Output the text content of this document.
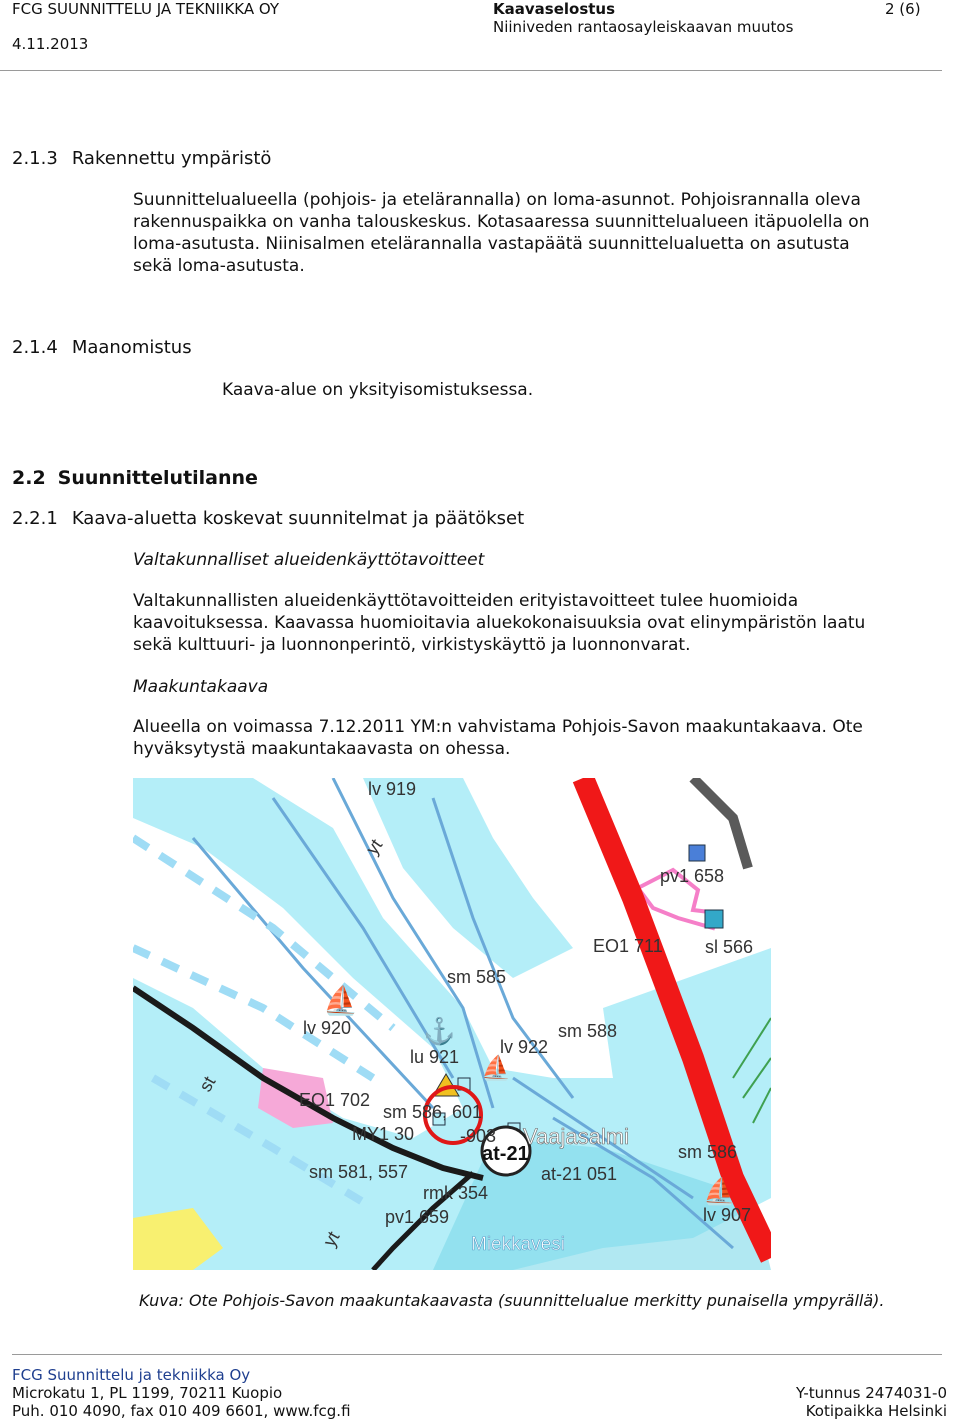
FCG SUUNNITTELU JA TEKNIIKKA OY
4.11.2013
Kaavaselostus
Niiniveden rantaosayleiskaavan muutos
2 (6)
2.1.3 Rakennettu ympäristö
Suunnittelualueella (pohjois- ja etelärannalla) on loma-asunnot. Pohjoisrannalla oleva
rakennuspaikka on vanha talouskeskus. Kotasaaressa suunnittelualueen itäpuolella on
loma-asutusta. Niinisalmen etelärannalla vastapäätä suunnittelualuetta on asutusta
sekä loma-asutusta.
2.1.4 Maanomistus
Kaava-alue on yksityisomistuksessa.
2.2 Suunnittelutilanne
2.2.1 Kaava-aluetta koskevat suunnitelmat ja päätökset
Valtakunnalliset alueidenkäyttötavoitteet
Valtakunnallisten alueidenkäyttötavoitteiden erityistavoitteet tulee huomioida
kaavoituksessa. Kaavassa huomioitavia aluekokonaisuuksia ovat elinympäristön laatu
sekä kulttuuri- ja luonnonperintö, virkistyskäyttö ja luonnonvarat.
Maakuntakaava
Alueella on voimassa 7.12.2011 YM:n vahvistama Pohjois-Savon maakuntakaava. Ote
hyväksytystä maakuntakaavasta on ohessa.
⛵
⚓
⛵
⛵
lv 919
yt
pv1 658
EO1 711 sl 566
sm 585
lv 920	sm 588
lu 921 lv 922
st
EO1 702
sm 586, 601
MY1 30	-903 Vaajasalmi
sm 581, 557
at-21
at-21 051
sm 586
rmk 354
pv1 659	lv 907
yt	Miekkavesi
Kuva: Ote Pohjois-Savon maakuntakaavasta (suunnittelualue merkitty punaisella ympyrällä).
FCG Suunnittelu ja tekniikka Oy
Microkatu 1, PL 1199, 70211 Kuopio
Puh. 010 4090, fax 010 409 6601, www.fcg.fi
Y-tunnus 2474031-0
Kotipaikka Helsinki
